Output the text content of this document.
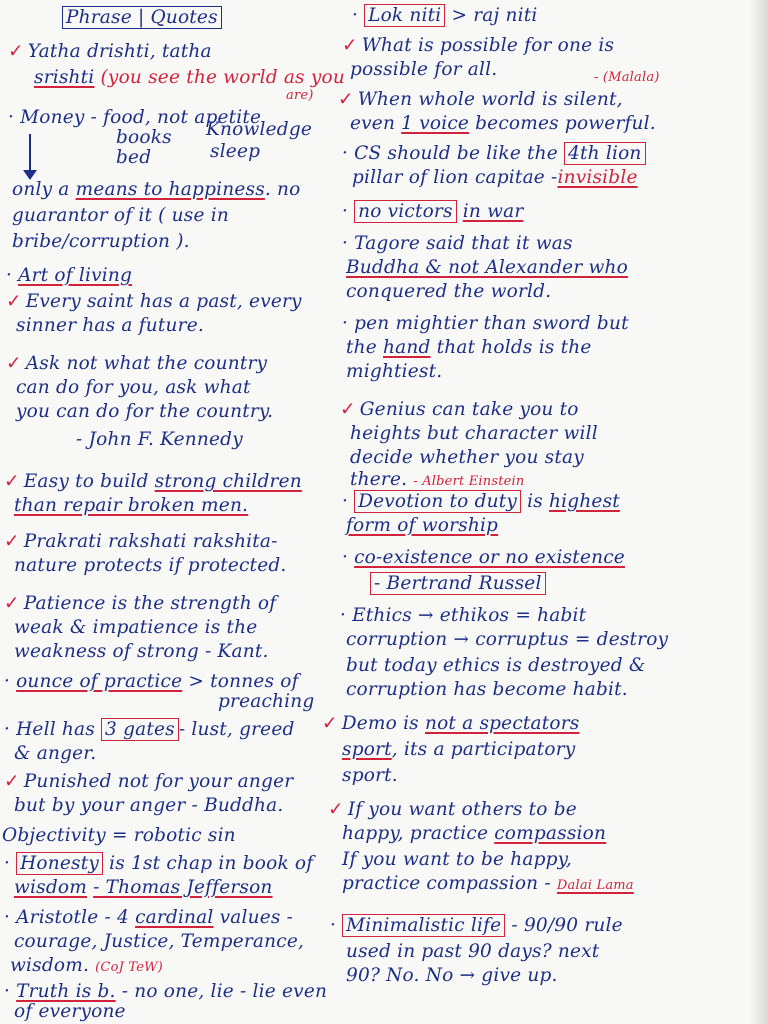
Phrase | Quotes
✓ Yatha drishti, tatha
srishti (you see the world as you
are)
· Money - food, not apetite
books Knowledge
bed	sleep
only a means to happiness. no
guarantor of it ( use in
bribe/corruption ).
· Art of living
✓ Every saint has a past, every
sinner has a future.
✓ Ask not what the country
can do for you, ask what
you can do for the country.
- John F. Kennedy
✓ Easy to build strong children
than repair broken men.
✓ Prakrati rakshati rakshita-
nature protects if protected.
✓ Patience is the strength of
weak & impatience is the
weakness of strong - Kant.
· ounce of practice > tonnes of
preaching
· Hell has 3 gates - lust, greed
& anger.
✓ Punished not for your anger
but by your anger - Buddha.
Objectivity = robotic sin
· Honesty is 1st chap in book of
wisdom - Thomas Jefferson
· Aristotle - 4 cardinal values -
courage, Justice, Temperance,
wisdom. (CoJ TeW)
· Truth is b. - no one, lie - lie even
of everyone
· Lok niti > raj niti
✓ What is possible for one is
possible for all.	- (Malala)
✓ When whole world is silent,
even 1 voice becomes powerful.
· CS should be like the 4th lion
pillar of lion capitae -invisible
· no victors in war
· Tagore said that it was
Buddha & not Alexander who
conquered the world.
· pen mightier than sword but
the hand that holds is the
mightiest.
✓ Genius can take you to
heights but character will
decide whether you stay
there. - Albert Einstein
· Devotion to duty is highest
form of worship
· co-existence or no existence
- Bertrand Russel
· Ethics → ethikos = habit
corruption → corruptus = destroy
but today ethics is destroyed &
corruption has become habit.
✓ Demo is not a spectators
sport, its a participatory
sport.
✓ If you want others to be
happy, practice compassion
If you want to be happy,
practice compassion - Dalai Lama
· Minimalistic life - 90/90 rule
used in past 90 days? next
90? No. No → give up.
